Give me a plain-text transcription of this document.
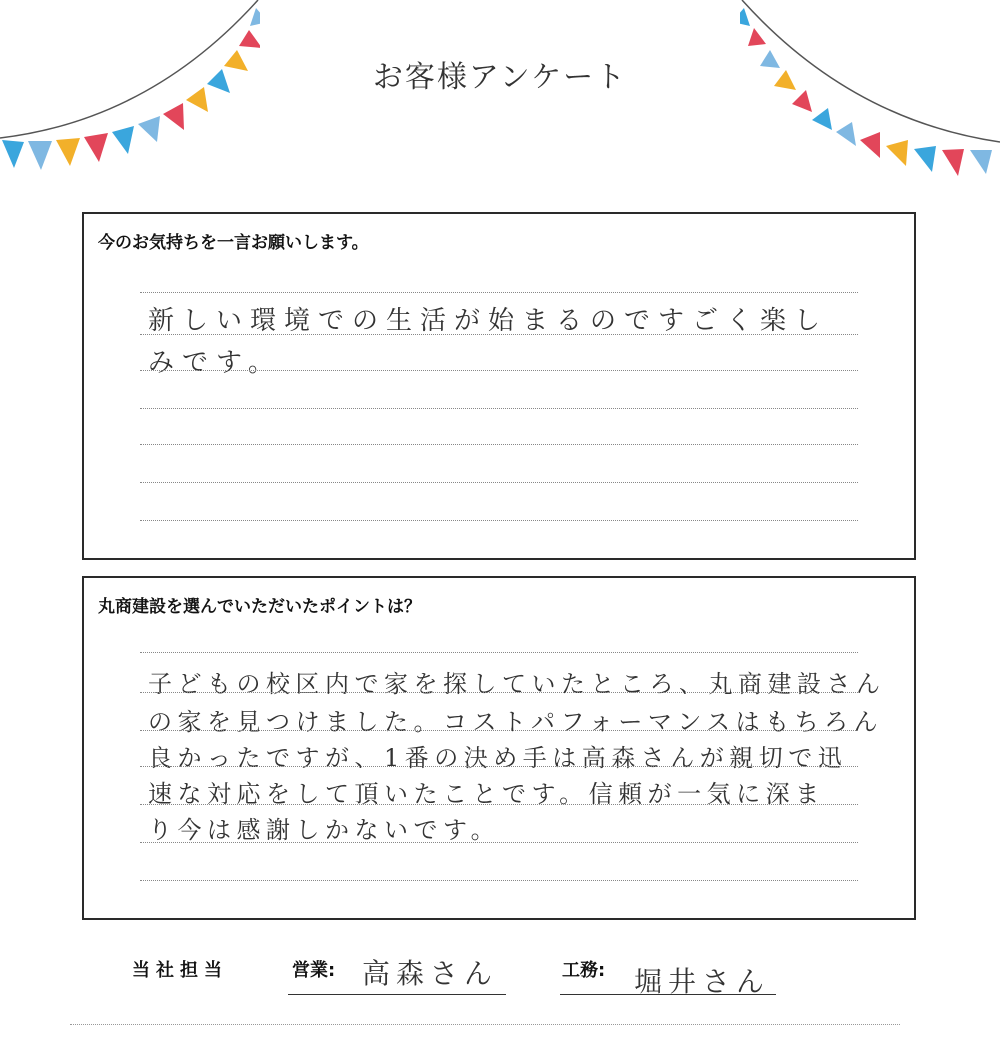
お客様アンケート
今のお気持ちを一言お願いします。
新しい環境での生活が始まるのですごく楽し
みです。
丸商建設を選んでいただいたポイントは？
子どもの校区内で家を探していたところ、丸商建設さん
の家を見つけました。コストパフォーマンスはもちろん
良かったですが、1番の決め手は高森さんが親切で迅
速な対応をして頂いたことです。信頼が一気に深ま
り今は感謝しかないです。
当社担当	営業: 高森さん	工務: 堀井さん
